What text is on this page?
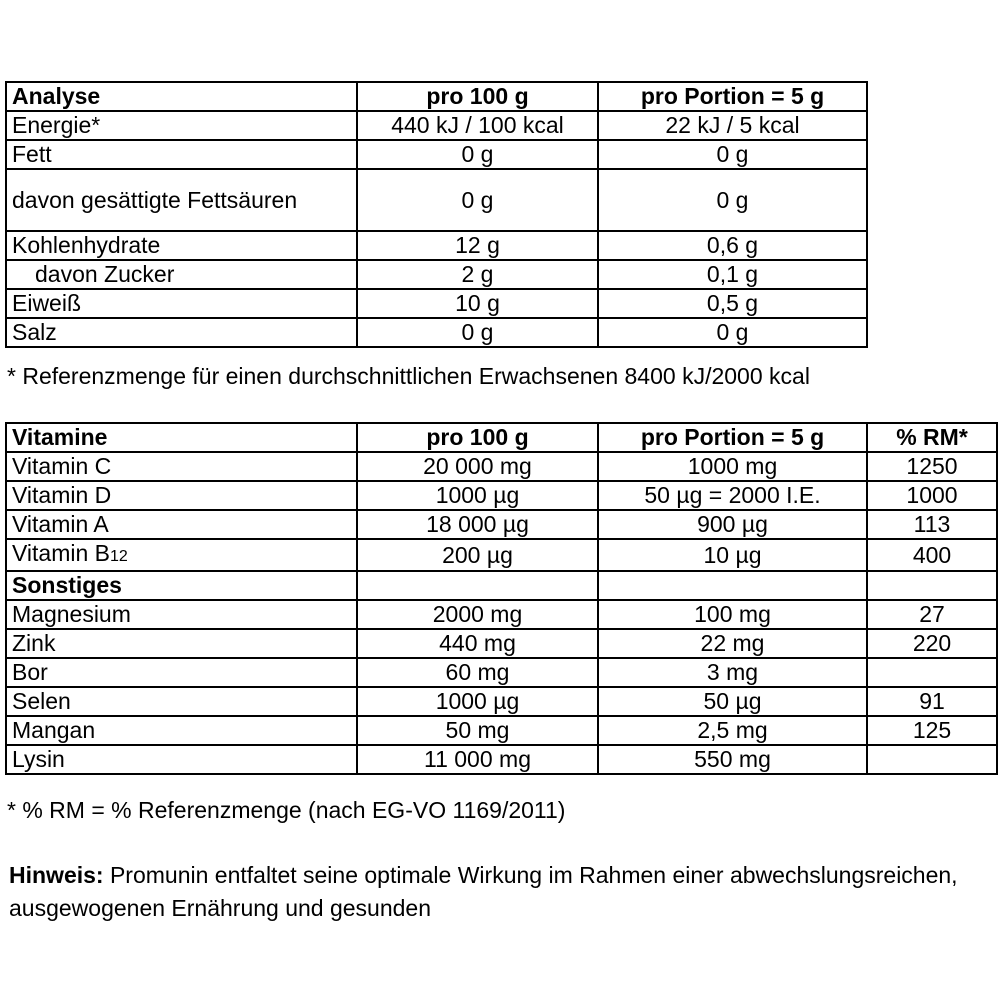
Analyse	pro 100 g	pro Portion = 5 g
Energie*	440 kJ / 100 kcal	22 kJ / 5 kcal
Fett	0 g	0 g
davon gesättigte Fettsäuren	0 g	0 g
Kohlenhydrate	12 g	0,6 g
davon Zucker	2 g	0,1 g
Eiweiß	10 g	0,5 g
Salz	0 g	0 g
* Referenzmenge für einen durchschnittlichen Erwachsenen 8400 kJ/2000 kcal
Vitamine	pro 100 g	pro Portion = 5 g	% RM*
Vitamin C	20 000 mg	1000 mg	1250
Vitamin D	1000 µg	50 µg = 2000 I.E.	1000
Vitamin A	18 000 µg	900 µg	113
Vitamin B12	200 µg	10 µg	400
Sonstiges			
Magnesium	2000 mg	100 mg	27
Zink	440 mg	22 mg	220
Bor	60 mg	3 mg	
Selen	1000 µg	50 µg	91
Mangan	50 mg	2,5 mg	125
Lysin	11 000 mg	550 mg	
* % RM = % Referenzmenge (nach EG-VO 1169/2011)
Hinweis: Promunin entfaltet seine optimale Wirkung im Rahmen einer abwechslungsreichen, ausgewogenen Ernährung und gesunden
